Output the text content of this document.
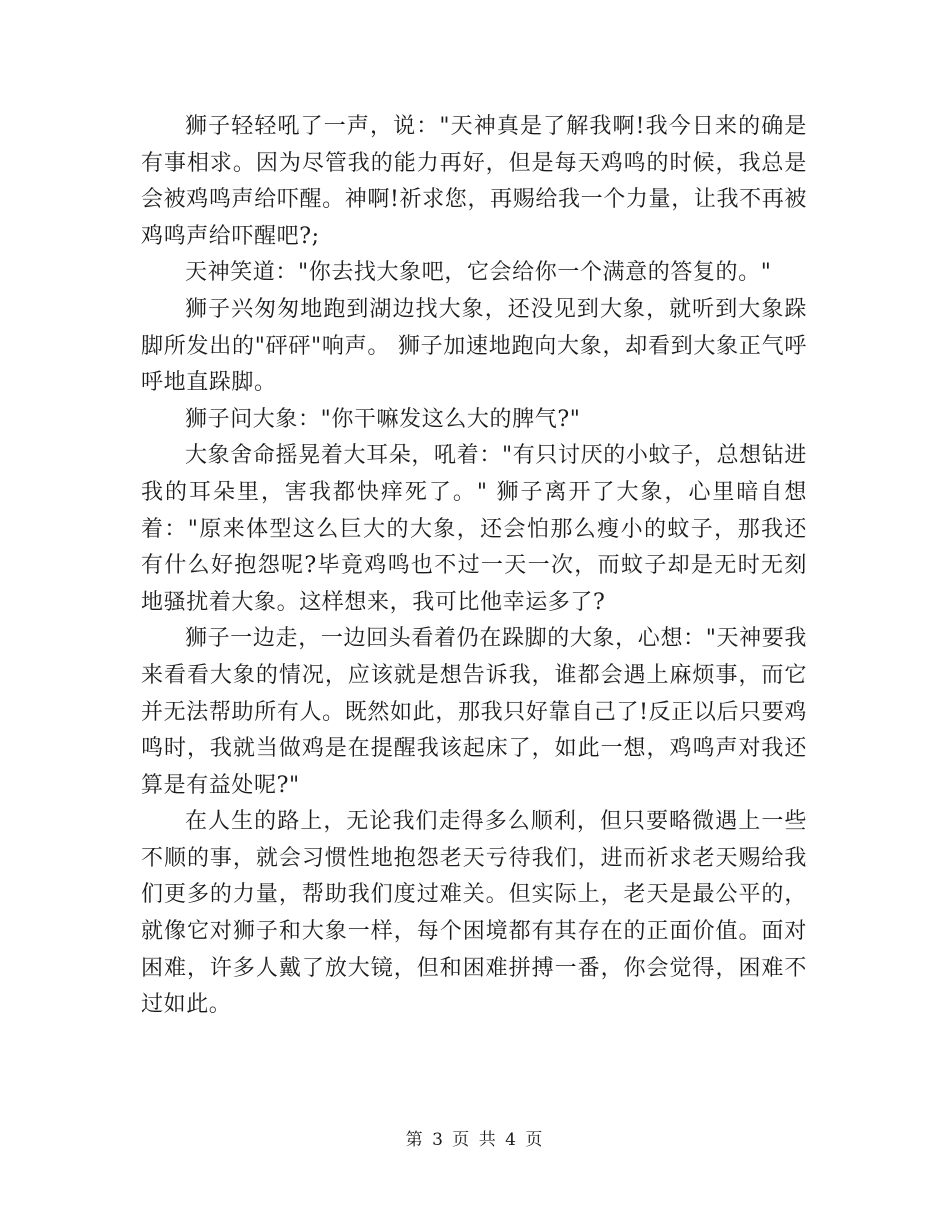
狮子轻轻吼了一声，说："天神真是了解我啊!我今日来的确是有事相求。因为尽管我的能力再好，但是每天鸡鸣的时候，我总是会被鸡鸣声给吓醒。神啊!祈求您，再赐给我一个力量，让我不再被鸡鸣声给吓醒吧?;

天神笑道："你去找大象吧，它会给你一个满意的答复的。"

狮子兴匆匆地跑到湖边找大象，还没见到大象，就听到大象跺脚所发出的"砰砰"响声。 狮子加速地跑向大象，却看到大象正气呼呼地直跺脚。

狮子问大象："你干嘛发这么大的脾气?"

大象舍命摇晃着大耳朵，吼着："有只讨厌的小蚊子，总想钻进我的耳朵里，害我都快痒死了。" 狮子离开了大象，心里暗自想着："原来体型这么巨大的大象，还会怕那么瘦小的蚊子，那我还有什么好抱怨呢?毕竟鸡鸣也不过一天一次，而蚊子却是无时无刻地骚扰着大象。这样想来，我可比他幸运多了?

狮子一边走，一边回头看着仍在跺脚的大象，心想："天神要我来看看大象的情况，应该就是想告诉我，谁都会遇上麻烦事，而它并无法帮助所有人。既然如此，那我只好靠自己了!反正以后只要鸡鸣时，我就当做鸡是在提醒我该起床了，如此一想，鸡鸣声对我还算是有益处呢?"

在人生的路上，无论我们走得多么顺利，但只要略微遇上一些不顺的事，就会习惯性地抱怨老天亏待我们，进而祈求老天赐给我们更多的力量，帮助我们度过难关。但实际上，老天是最公平的，就像它对狮子和大象一样，每个困境都有其存在的正面价值。面对困难，许多人戴了放大镜，但和困难拼搏一番，你会觉得，困难不过如此。

第 3 页 共 4 页
